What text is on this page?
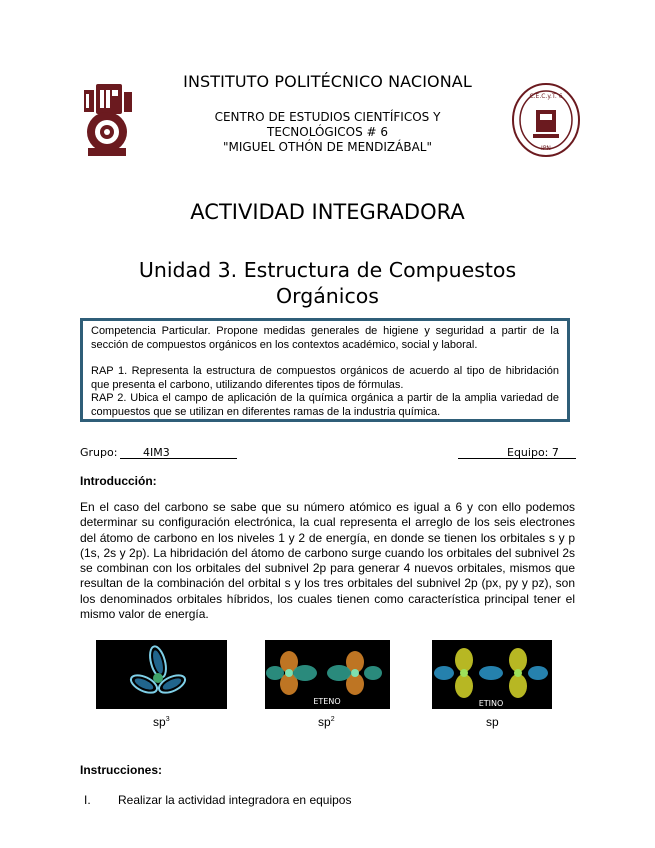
C.E.C.y.T. 6
IPN
INSTITUTO POLITÉCNICO NACIONAL
CENTRO DE ESTUDIOS CIENTÍFICOS Y
TECNOLÓGICOS # 6
"MIGUEL OTHÓN DE MENDIZÁBAL"
ACTIVIDAD INTEGRADORA
Unidad 3. Estructura de Compuestos
Orgánicos

Competencia Particular. Propone medidas generales de higiene y seguridad a partir de la sección de compuestos orgánicos en los contextos académico, social y laboral.

RAP 1. Representa la estructura de compuestos orgánicos de acuerdo al tipo de hibridación que presenta el carbono, utilizando diferentes tipos de fórmulas.

RAP 2. Ubica el campo de aplicación de la química orgánica a partir de la amplia variedad de compuestos que se utilizan en diferentes ramas de la industria química.

Grupo: 4IM3	Equipo: 7
Introducción:

En el caso del carbono se sabe que su número atómico es igual a 6 y con ello podemos determinar su configuración electrónica, la cual representa el arreglo de los seis electrones del átomo de carbono en los niveles 1 y 2 de energía, en donde se tienen los orbitales s y p (1s, 2s y 2p). La hibridación del átomo de carbono surge cuando los orbitales del subnivel 2s se combinan con los orbitales del subnivel 2p para generar 4 nuevos orbitales, mismos que resultan de la combinación del orbital s y los tres orbitales del subnivel 2p (px, py y pz), son los denominados orbitales híbridos, los cuales tienen como característica principal tener el mismo valor de energía.

ETENO	ETINO
$sp^3$	$sp^2$	sp
Instrucciones:
I. Realizar la actividad integradora en equipos
